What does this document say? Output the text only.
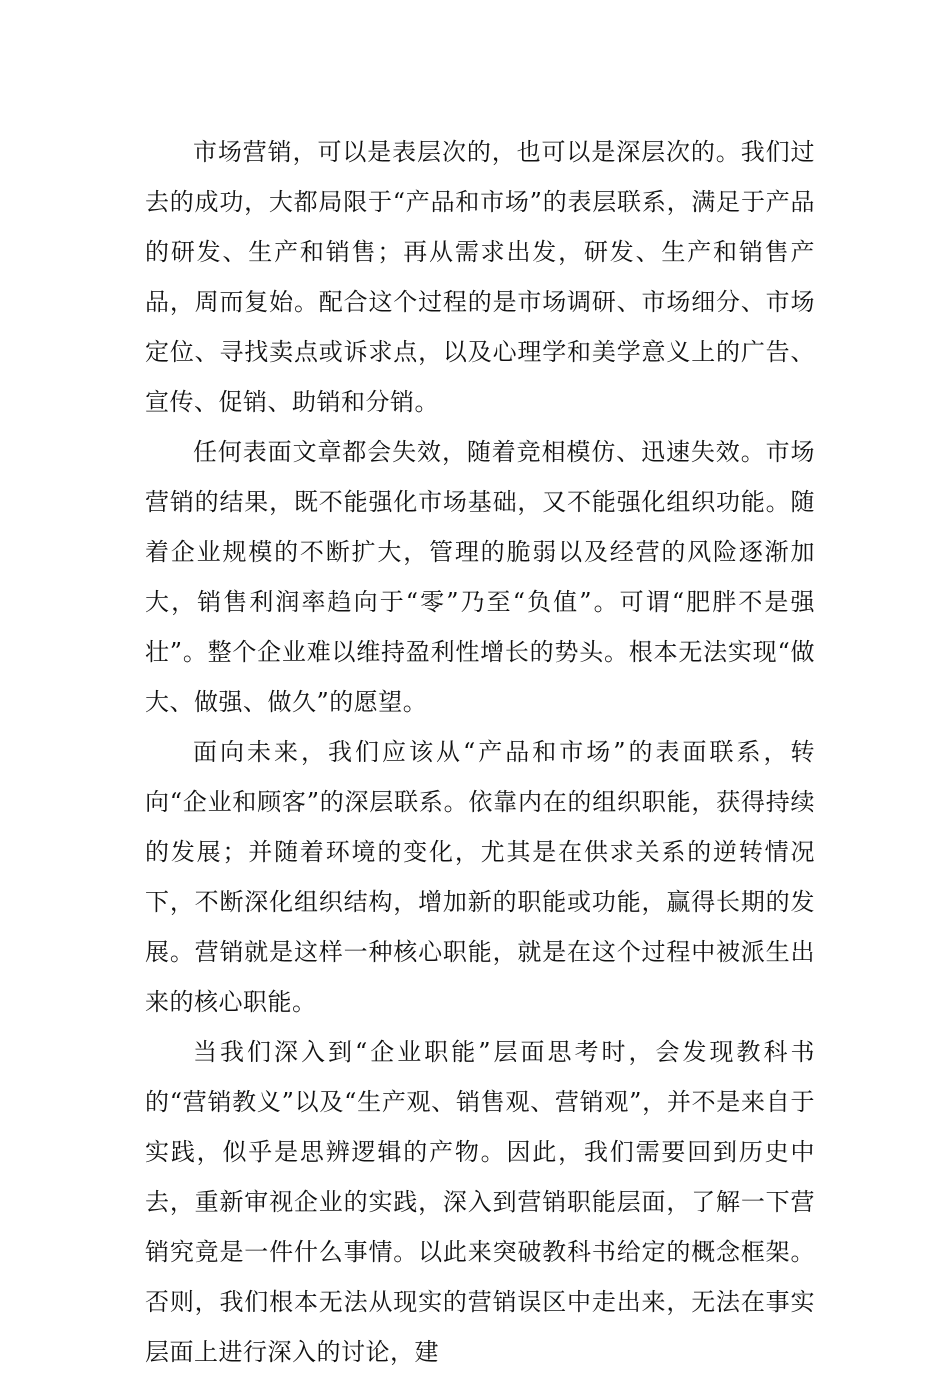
市场营销，可以是表层次的，也可以是深层次的。我们过去的成功，大都局限于“产品和市场”的表层联系，满足于产品的研发、生产和销售；再从需求出发，研发、生产和销售产品，周而复始。配合这个过程的是市场调研、市场细分、市场定位、寻找卖点或诉求点，以及心理学和美学意义上的广告、宣传、促销、助销和分销。

任何表面文章都会失效，随着竞相模仿、迅速失效。市场营销的结果，既不能强化市场基础，又不能强化组织功能。随着企业规模的不断扩大，管理的脆弱以及经营的风险逐渐加大，销售利润率趋向于“零”乃至“负值”。可谓“肥胖不是强壮”。整个企业难以维持盈利性增长的势头。根本无法实现“做大、做强、做久”的愿望。

面向未来，我们应该从“产品和市场”的表面联系，转向“企业和顾客”的深层联系。依靠内在的组织职能，获得持续的发展；并随着环境的变化，尤其是在供求关系的逆转情况下，不断深化组织结构，增加新的职能或功能，赢得长期的发展。营销就是这样一种核心职能，就是在这个过程中被派生出来的核心职能。

当我们深入到“企业职能”层面思考时，会发现教科书的“营销教义”以及“生产观、销售观、营销观”，并不是来自于实践，似乎是思辨逻辑的产物。因此，我们需要回到历史中去，重新审视企业的实践，深入到营销职能层面，了解一下营销究竟是一件什么事情。以此来突破教科书给定的概念框架。否则，我们根本无法从现实的营销误区中走出来，无法在事实层面上进行深入的讨论，建
